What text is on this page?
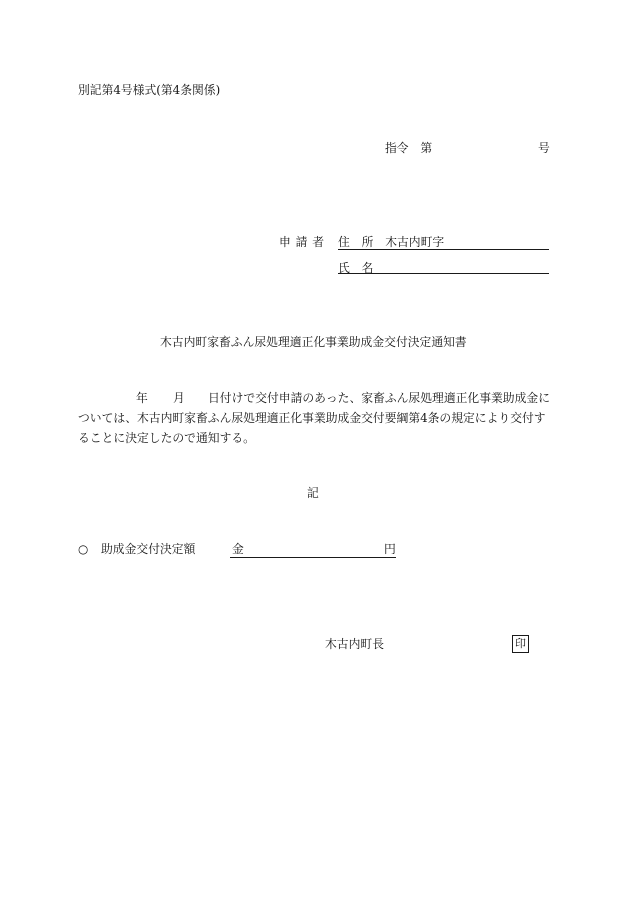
別記第4号様式(第4条関係)
指令　第	号
申請者 住　所　木古内町字
氏　名
木古内町家畜ふん尿処理適正化事業助成金交付決定通知書
年 月 日付けで交付申請のあった、家畜ふん尿処理適正化事業助成金に
ついては、木古内町家畜ふん尿処理適正化事業助成金交付要綱第4条の規定により交付す
ることに決定したので通知する。
記
○ 助成金交付決定額	金	円
木古内町長	印
